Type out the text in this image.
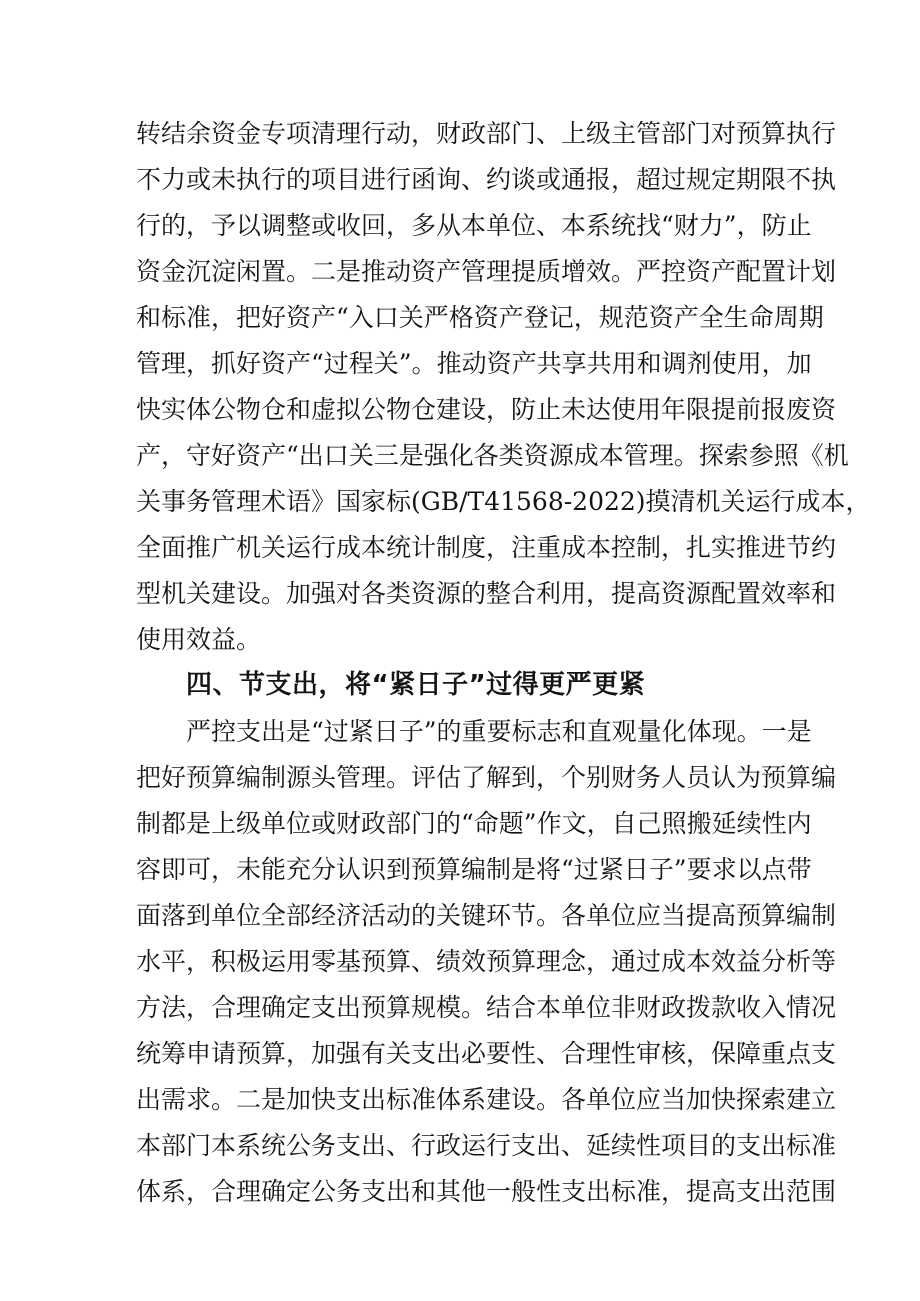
转结余资金专项清理行动，财政部门、上级主管部门对预算执行
不力或未执行的项目进行函询、约谈或通报，超过规定期限不执
行的，予以调整或收回，多从本单位、本系统找“财力”，防止
资金沉淀闲置。二是推动资产管理提质增效。严控资产配置计划
和标准，把好资产“入口关严格资产登记，规范资产全生命周期
管理，抓好资产“过程关”。推动资产共享共用和调剂使用，加
快实体公物仓和虚拟公物仓建设，防止未达使用年限提前报废资
产，守好资产“出口关三是强化各类资源成本管理。探索参照《机
关事务管理术语》国家标(GB/T41568-2022)摸清机关运行成本，
全面推广机关运行成本统计制度，注重成本控制，扎实推进节约
型机关建设。加强对各类资源的整合利用，提高资源配置效率和
使用效益。
四、节支出，将“紧日子”过得更严更紧
严控支出是“过紧日子”的重要标志和直观量化体现。一是
把好预算编制源头管理。评估了解到，个别财务人员认为预算编
制都是上级单位或财政部门的“命题”作文，自己照搬延续性内
容即可，未能充分认识到预算编制是将“过紧日子”要求以点带
面落到单位全部经济活动的关键环节。各单位应当提高预算编制
水平，积极运用零基预算、绩效预算理念，通过成本效益分析等
方法，合理确定支出预算规模。结合本单位非财政拨款收入情况
统筹申请预算，加强有关支出必要性、合理性审核，保障重点支
出需求。二是加快支出标准体系建设。各单位应当加快探索建立
本部门本系统公务支出、行政运行支出、延续性项目的支出标准
体系，合理确定公务支出和其他一般性支出标准，提高支出范围
